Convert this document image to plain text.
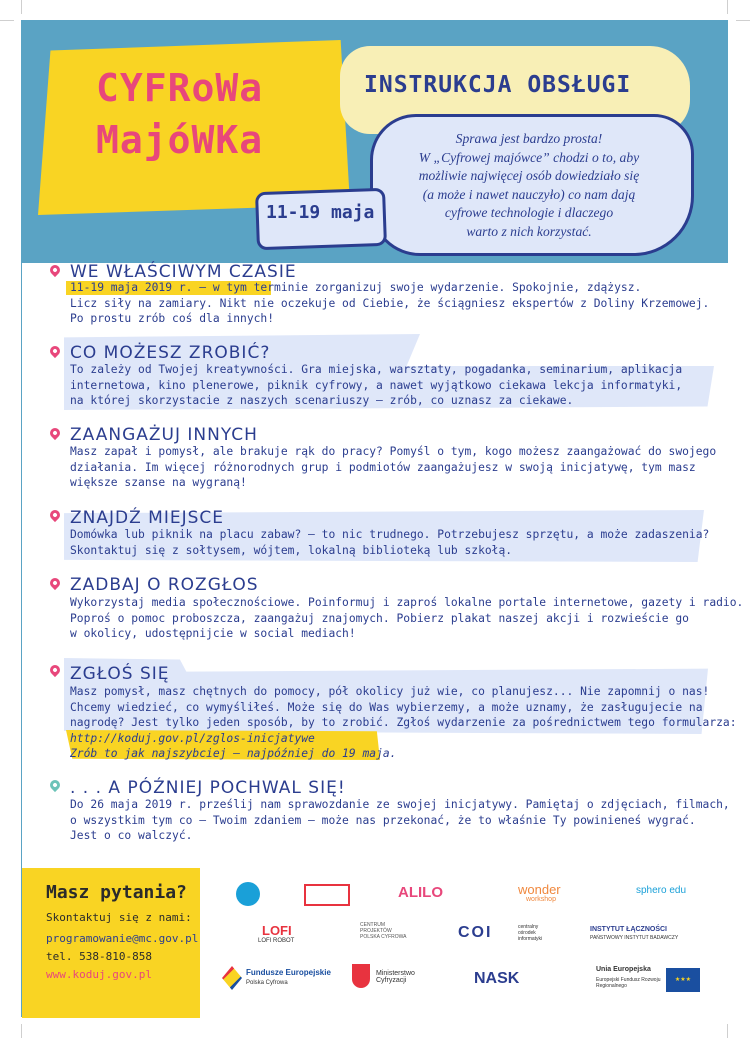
CYFRoWa
MajóWKa
INSTRUKCJA OBSŁUGI
Sprawa jest bardzo prosta!
W „Cyfrowej majówce” chodzi o to, aby
możliwie najwięcej osób dowiedziało się
(a może i nawet nauczyło) co nam dają
cyfrowe technologie i dlaczego
warto z nich korzystać.
11-19 maja
WE WŁAŚCIWYM CZASIE
11-19 maja 2019 r. – w tym terminie zorganizuj swoje wydarzenie. Spokojnie, zdążysz.
Licz siły na zamiary. Nikt nie oczekuje od Ciebie, że ściągniesz ekspertów z Doliny Krzemowej.
Po prostu zrób coś dla innych!
CO MOŻESZ ZROBIĆ?
To zależy od Twojej kreatywności. Gra miejska, warsztaty, pogadanka, seminarium, aplikacja
internetowa, kino plenerowe, piknik cyfrowy, a nawet wyjątkowo ciekawa lekcja informatyki,
na której skorzystacie z naszych scenariuszy – zrób, co uznasz za ciekawe.
ZAANGAŻUJ INNYCH
Masz zapał i pomysł, ale brakuje rąk do pracy? Pomyśl o tym, kogo możesz zaangażować do swojego
działania. Im więcej różnorodnych grup i podmiotów zaangażujesz w swoją inicjatywę, tym masz
większe szanse na wygraną!
ZNAJDŹ MIEJSCE
Domówka lub piknik na placu zabaw? – to nic trudnego. Potrzebujesz sprzętu, a może zadaszenia?
Skontaktuj się z sołtysem, wójtem, lokalną biblioteką lub szkołą.
ZADBAJ O ROZGŁOS
Wykorzystaj media społecznościowe. Poinformuj i zaproś lokalne portale internetowe, gazety i radio.
Poproś o pomoc proboszcza, zaangażuj znajomych. Pobierz plakat naszej akcji i rozwieście go
w okolicy, udostępnijcie w social mediach!
ZGŁOŚ SIĘ
Masz pomysł, masz chętnych do pomocy, pół okolicy już wie, co planujesz... Nie zapomnij o nas!
Chcemy wiedzieć, co wymyśliłeś. Może się do Was wybierzemy, a może uznamy, że zasługujecie na
nagrodę? Jest tylko jeden sposób, by to zrobić. Zgłoś wydarzenie za pośrednictwem tego formularza:
http://koduj.gov.pl/zglos-inicjatywe
Zrób to jak najszybciej – najpóźniej do 19 maja.
. . . A PÓŹNIEJ POCHWAL SIĘ!
Do 26 maja 2019 r. prześlij nam sprawozdanie ze swojej inicjatywy. Pamiętaj o zdjęciach, filmach,
o wszystkim tym co – Twoim zdaniem – może nas przekonać, że to właśnie Ty powinieneś wygrać.
Jest o co walczyć.
Masz pytania?
Skontaktuj się z nami:
programowanie@mc.gov.pl
tel. 538-810-858
www.koduj.gov.pl
ALILO	wonder
workshop
sphero edu
LOFI
LOFI ROBOT
CENTRUM PROJEKTÓW POLSKA CYFROWA	COI	centralny ośrodek informatyki
INSTYTUT ŁĄCZNOŚCI
PAŃSTWOWY INSTYTUT BADAWCZY
Fundusze Europejskie
Polska Cyfrowa
Ministerstwo Cyfryzacji	NASK
Unia Europejska
Europejski Fundusz Rozwoju Regionalnego
★★★
